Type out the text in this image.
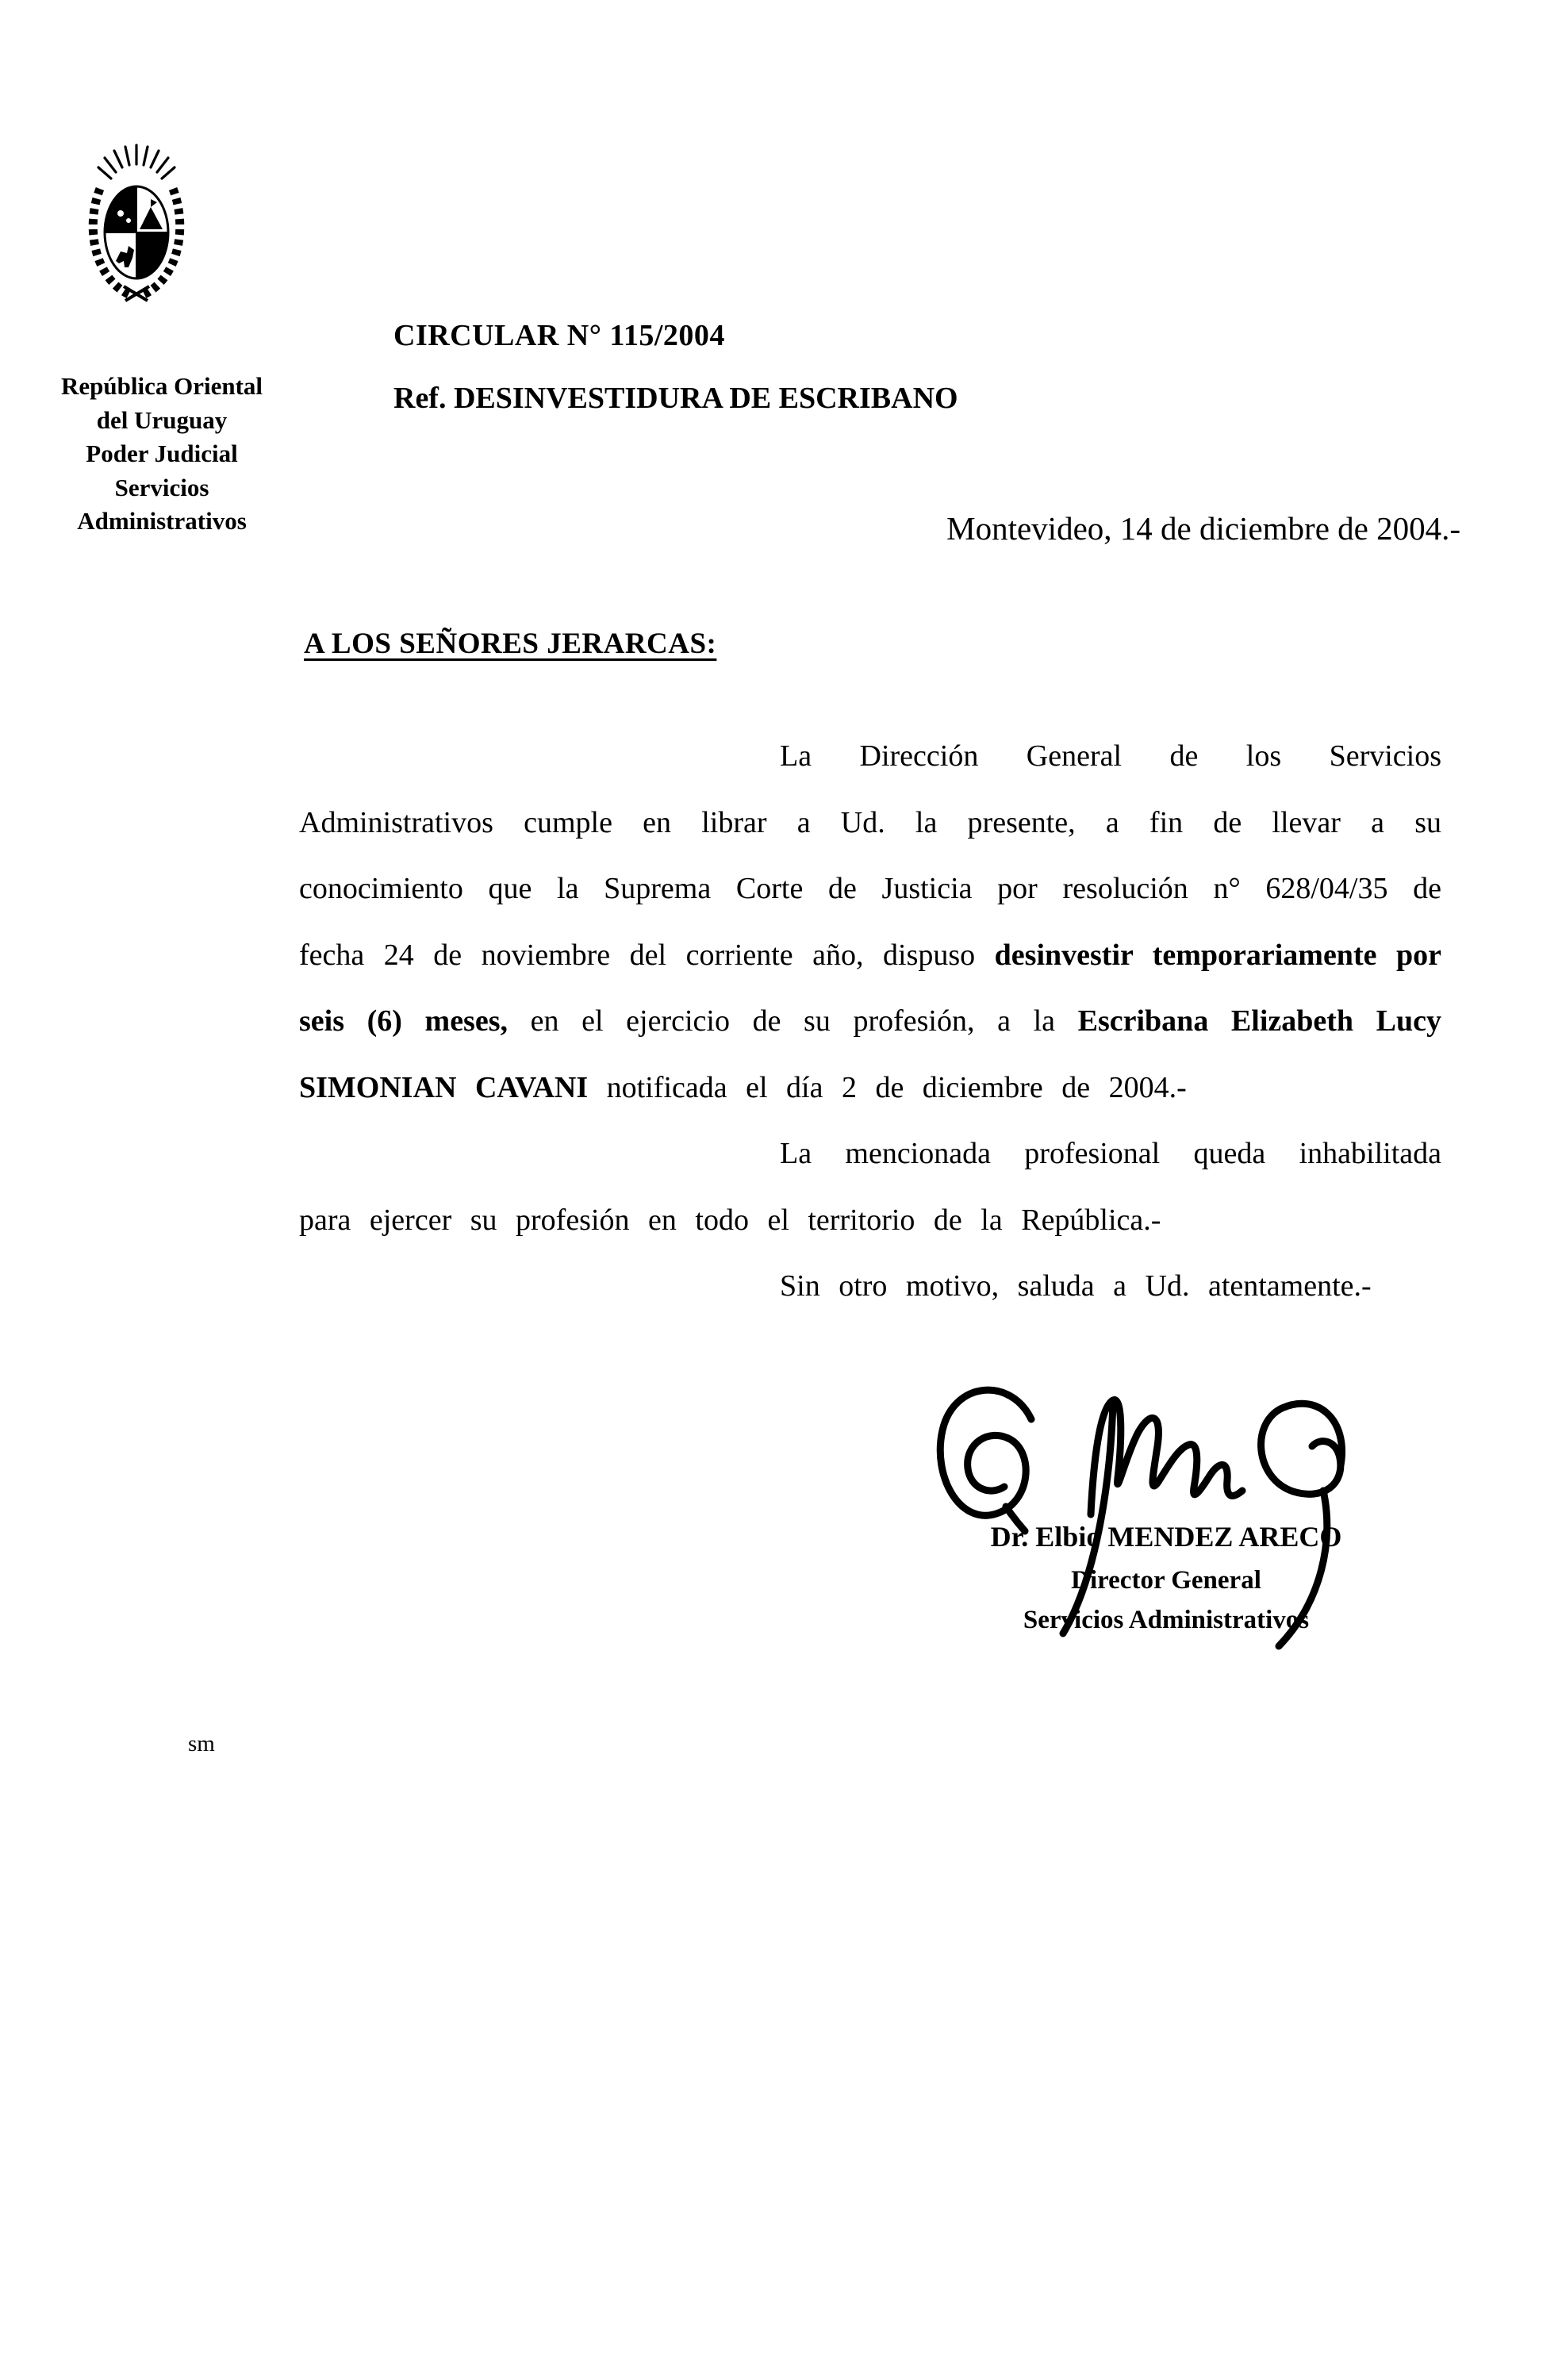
República Oriental
del Uruguay
Poder Judicial
Servicios
Administrativos
CIRCULAR N° 115/2004
Ref. DESINVESTIDURA DE ESCRIBANO
Montevideo, 14 de diciembre de 2004.-
A LOS SEÑORES JERARCAS:

La Dirección General de los Servicios Administrativos cumple en librar a Ud. la presente, a fin de llevar a su conocimiento que la Suprema Corte de Justicia por resolución n° 628/04/35 de fecha 24 de noviembre del corriente año, dispuso desinvestir temporariamente por seis (6) meses, en el ejercicio de su profesión, a la Escribana Elizabeth Lucy SIMONIAN CAVANI notificada el día 2 de diciembre de 2004.-

La mencionada profesional queda inhabilitada para ejercer su profesión en todo el territorio de la República.-

Sin otro motivo, saluda a Ud. atentamente.-

Dr. Elbio MENDEZ ARECO
Director General
Servicios Administrativos
sm
